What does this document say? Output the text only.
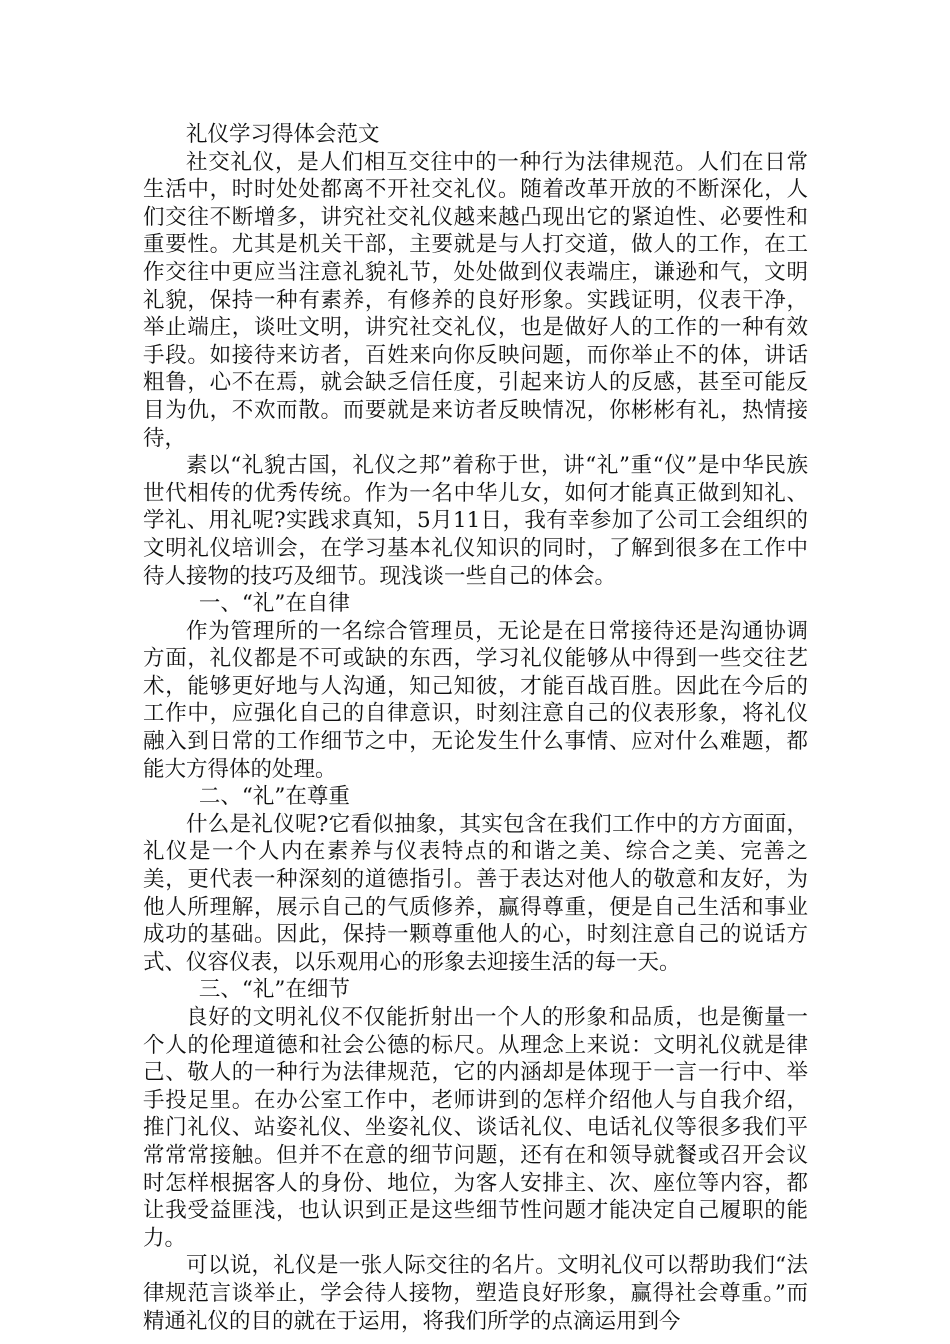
礼仪学习得体会范文

社交礼仪，是人们相互交往中的一种行为法律规范。人们在日常生活中，时时处处都离不开社交礼仪。随着改革开放的不断深化，人们交往不断增多，讲究社交礼仪越来越凸现出它的紧迫性、必要性和重要性。尤其是机关干部，主要就是与人打交道，做人的工作，在工作交往中更应当注意礼貌礼节，处处做到仪表端庄，谦逊和气，文明礼貌，保持一种有素养，有修养的良好形象。实践证明，仪表干净，举止端庄，谈吐文明，讲究社交礼仪，也是做好人的工作的一种有效手段。如接待来访者，百姓来向你反映问题，而你举止不的体，讲话粗鲁，心不在焉，就会缺乏信任度，引起来访人的反感，甚至可能反目为仇，不欢而散。而要就是来访者反映情况，你彬彬有礼，热情接待，

素以“礼貌古国，礼仪之邦”着称于世，讲“礼”重“仪”是中华民族世代相传的优秀传统。作为一名中华儿女，如何才能真正做到知礼、学礼、用礼呢?实践求真知，5月11日，我有幸参加了公司工会组织的文明礼仪培训会，在学习基本礼仪知识的同时，了解到很多在工作中待人接物的技巧及细节。现浅谈一些自己的体会。

一、“礼”在自律

作为管理所的一名综合管理员，无论是在日常接待还是沟通协调方面，礼仪都是不可或缺的东西，学习礼仪能够从中得到一些交往艺术，能够更好地与人沟通，知己知彼，才能百战百胜。因此在今后的工作中，应强化自己的自律意识，时刻注意自己的仪表形象，将礼仪融入到日常的工作细节之中，无论发生什么事情、应对什么难题，都能大方得体的处理。

二、“礼”在尊重

什么是礼仪呢?它看似抽象，其实包含在我们工作中的方方面面，礼仪是一个人内在素养与仪表特点的和谐之美、综合之美、完善之美，更代表一种深刻的道德指引。善于表达对他人的敬意和友好，为他人所理解，展示自己的气质修养，赢得尊重，便是自己生活和事业成功的基础。因此，保持一颗尊重他人的心，时刻注意自己的说话方式、仪容仪表，以乐观用心的形象去迎接生活的每一天。

三、“礼”在细节

良好的文明礼仪不仅能折射出一个人的形象和品质，也是衡量一个人的伦理道德和社会公德的标尺。从理念上来说：文明礼仪就是律己、敬人的一种行为法律规范，它的内涵却是体现于一言一行中、举手投足里。在办公室工作中，老师讲到的怎样介绍他人与自我介绍，推门礼仪、站姿礼仪、坐姿礼仪、谈话礼仪、电话礼仪等很多我们平常常常接触。但并不在意的细节问题，还有在和领导就餐或召开会议时怎样根据客人的身份、地位，为客人安排主、次、座位等内容，都让我受益匪浅，也认识到正是这些细节性问题才能决定自己履职的能力。

可以说，礼仪是一张人际交往的名片。文明礼仪可以帮助我们“法律规范言谈举止，学会待人接物，塑造良好形象，赢得社会尊重。”而精通礼仪的目的就在于运用，将我们所学的点滴运用到今
